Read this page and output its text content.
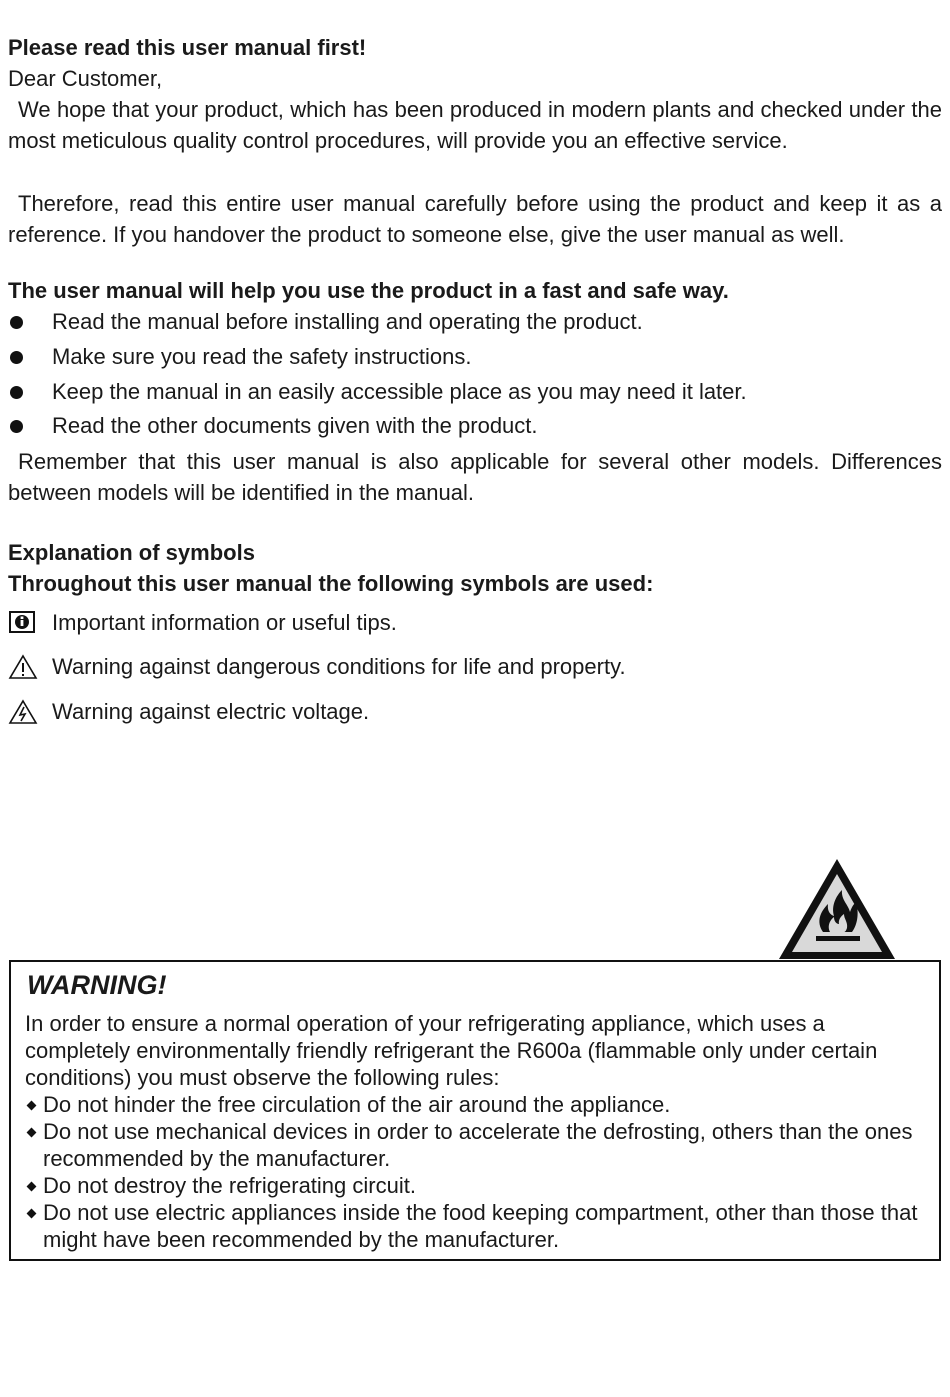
Please read this user manual first!
Dear Customer,
We hope that your product, which has been produced in modern plants and checked under the most meticulous quality control procedures, will provide you an effective service.
Therefore, read this entire user manual carefully before using the product and keep it as a reference. If you handover the product to someone else, give the user manual as well.
The user manual will help you use the product in a fast and safe way.
Read the manual before installing and operating the product.
Make sure you read the safety instructions.
Keep the manual in an easily accessible place as you may need it later.
Read the other documents given with the product.
Remember that this user manual is also applicable for several other models. Differences between models will be identified in the manual.
Explanation of symbols
Throughout this user manual the following symbols are used:
Important information or useful tips.
Warning against dangerous conditions for life and property.
Warning against electric voltage.
WARNING!
In order to ensure a normal operation of your refrigerating appliance, which uses a completely environmentally friendly refrigerant the R600a (flammable only under certain conditions) you must observe the following rules:
Do not hinder the free circulation of the air around the appliance.
Do not use mechanical devices in order to accelerate the defrosting, others than the ones recommended by the manufacturer.
Do not destroy the refrigerating circuit.
Do not use electric appliances inside the food keeping compartment, other than those that might have been recommended by the manufacturer.
